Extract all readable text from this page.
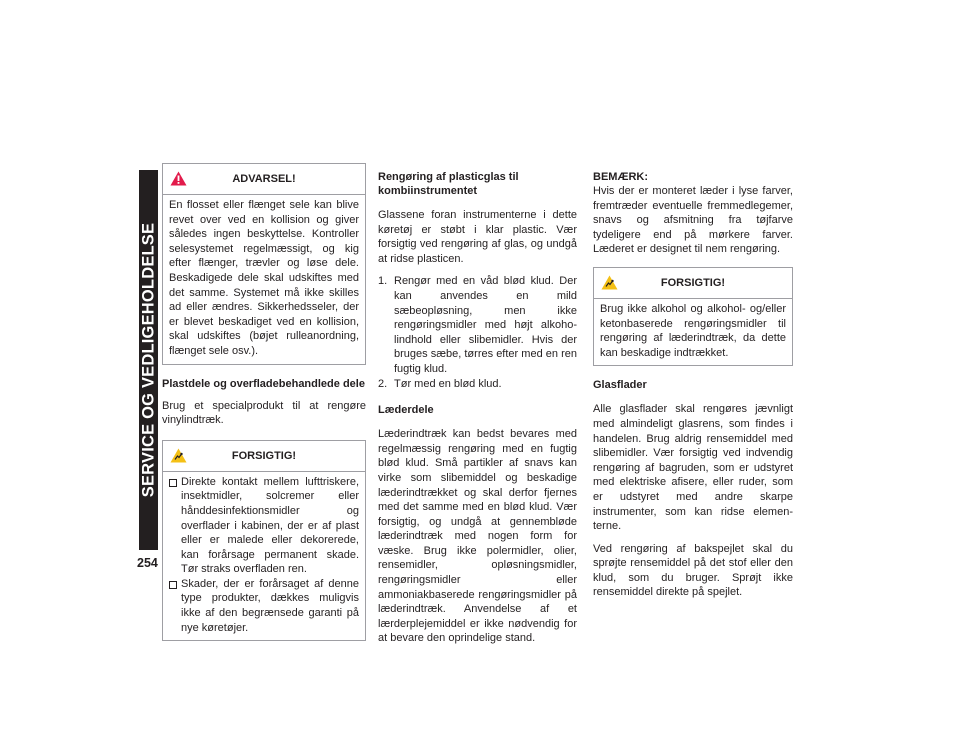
SERVICE OG VEDLIGEHOLDELSE
254
ADVARSEL!

En flosset eller flænget sele kan blive revet over ved en kollision og giver således ingen beskyttelse. Kontroller selesystemet regelmæssigt, og kig efter flænger, trævler og løse dele. Beskadigede dele skal udskiftes med det samme. Systemet må ikke skilles ad eller ændres. Sikkerhedsseler, der er blevet beskadiget ved en kollision, skal udskiftes (bøjet rulleanordning, flænget sele osv.).

Plastdele og overfladebehandlede dele

Brug et specialprodukt til at rengøre vinylindtræk.

FORSIGTIG!

Direkte kontakt mellem lufttriskere, insektmidler, solcremer eller hånddesinfektionsmidler og overflader i kabinen, der er af plast eller er malede eller dekorerede, kan forårsage permanent skade. Tør straks overfladen ren.

Skader, der er forårsaget af denne type produkter, dækkes muligvis ikke af den begrænsede garanti på nye køretøjer.

Rengøring af plasticglas til kombiinstrumentet

Glassene foran instrumenterne i dette køretøj er støbt i klar plastic. Vær forsigtig ved rengøring af glas, og undgå at ridse plasticen.

1. Rengør med en våd blød klud. Der kan anvendes en mild sæbeopløsning, men ikke rengøringsmidler med højt alkoholindhold eller slibemidler. Hvis der bruges sæbe, tørres efter med en ren fugtig klud.

2. Tør med en blød klud.

Læderdele

Læderindtræk kan bedst bevares med regelmæssig rengøring med en fugtig blød klud. Små partikler af snavs kan virke som slibemiddel og beskadige læderindtrækket og skal derfor fjernes med det samme med en blød klud. Vær forsigtig, og undgå at gennembløde læderindtræk med nogen form for væske. Brug ikke polermidler, olier, rensemidler, opløsningsmidler, rengøringsmidler eller ammoniakbaserede rengøringsmidler på læderindtræk. Anvendelse af et lærderplejemiddel er ikke nødvendig for at bevare den oprindelige stand.

BEMÆRK:

Hvis der er monteret læder i lyse farver, fremtræder eventuelle fremmedlegemer, snavs og afsmitning fra tøjfarve tydeligere end på mørkere farver. Læderet er designet til nem rengøring.

FORSIGTIG!

Brug ikke alkohol og alkohol- og/eller ketonbaserede rengøringsmidler til rengøring af læderindtræk, da dette kan beskadige indtrækket.

Glasflader

Alle glasflader skal rengøres jævnligt med almindeligt glasrens, som findes i handelen. Brug aldrig rensemiddel med slibemidler. Vær forsigtig ved indvendig rengøring af bagruden, som er udstyret med elektriske afisere, eller ruder, som er udstyret med andre skarpe instrumenter, som kan ridse elementerne.

Ved rengøring af bakspejlet skal du sprøjte rensemiddel på det stof eller den klud, som du bruger. Sprøjt ikke rensemiddel direkte på spejlet.
